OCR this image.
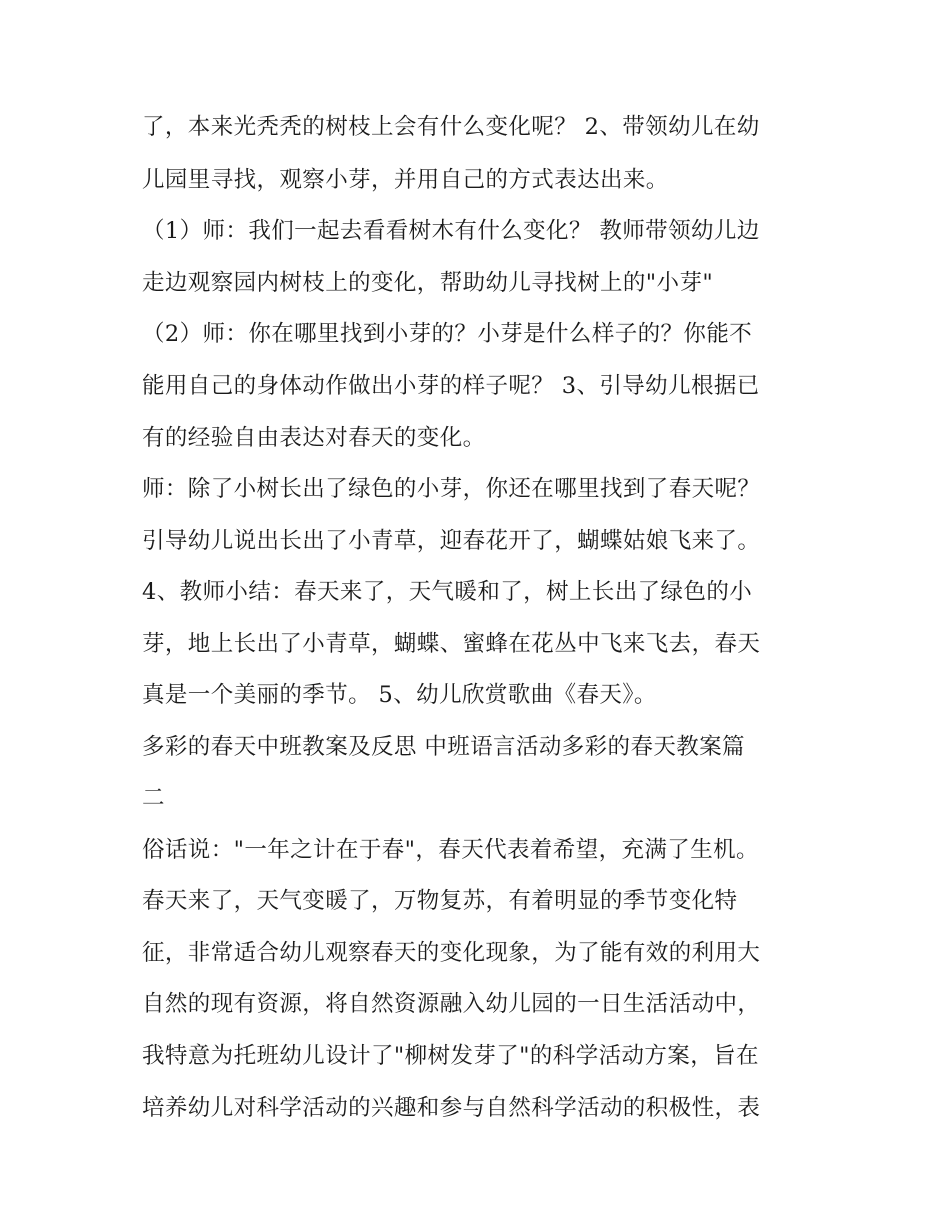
了，本来光秃秃的树枝上会有什么变化呢？ 2、带领幼儿在幼

儿园里寻找，观察小芽，并用自己的方式表达出来。

（1）师：我们一起去看看树木有什么变化？ 教师带领幼儿边

走边观察园内树枝上的变化，帮助幼儿寻找树上的"小芽"

（2）师：你在哪里找到小芽的？小芽是什么样子的？你能不

能用自己的身体动作做出小芽的样子呢？ 3、引导幼儿根据已

有的经验自由表达对春天的变化。

师：除了小树长出了绿色的小芽，你还在哪里找到了春天呢？

引导幼儿说出长出了小青草，迎春花开了，蝴蝶姑娘飞来了。

4、教师小结：春天来了，天气暖和了，树上长出了绿色的小

芽，地上长出了小青草，蝴蝶、蜜蜂在花丛中飞来飞去，春天

真是一个美丽的季节。 5、幼儿欣赏歌曲《春天》。

多彩的春天中班教案及反思 中班语言活动多彩的春天教案篇

二

俗话说："一年之计在于春"，春天代表着希望，充满了生机。

春天来了，天气变暖了，万物复苏，有着明显的季节变化特

征，非常适合幼儿观察春天的变化现象，为了能有效的利用大

自然的现有资源，将自然资源融入幼儿园的一日生活活动中，

我特意为托班幼儿设计了"柳树发芽了"的科学活动方案，旨在

培养幼儿对科学活动的兴趣和参与自然科学活动的积极性，表
